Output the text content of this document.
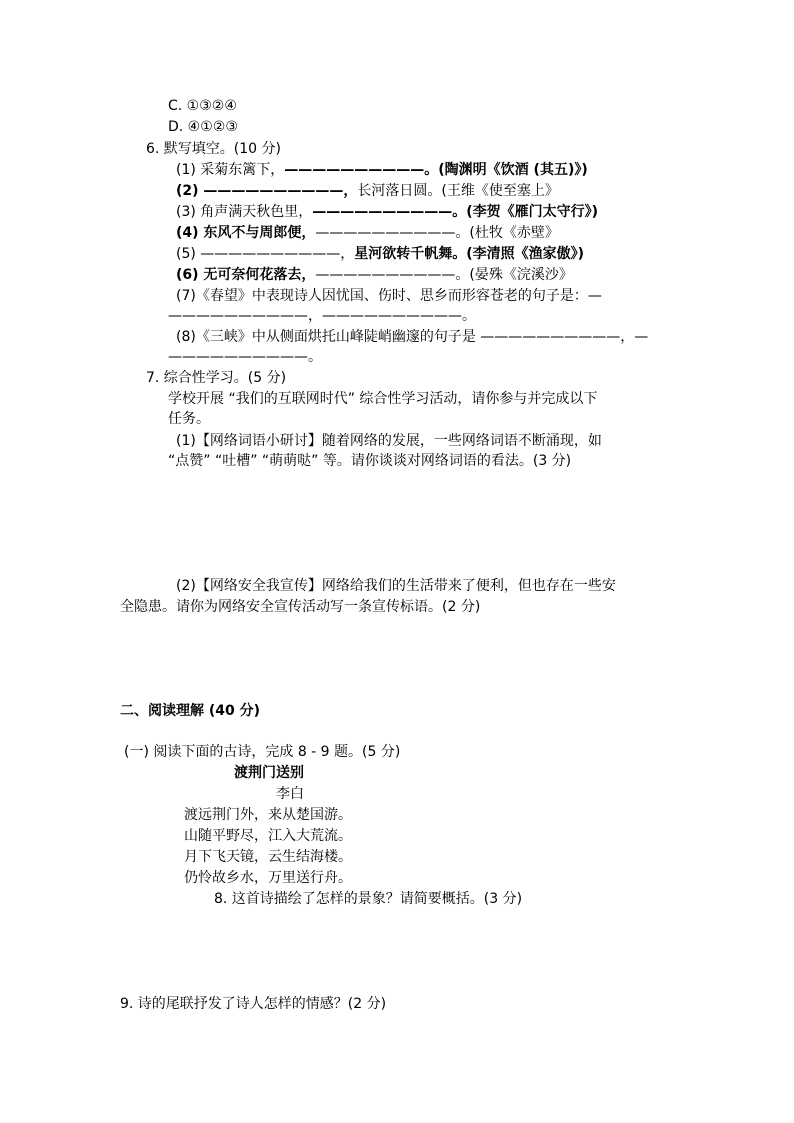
C. ①③②④
D. ④①②③
6. 默写填空。(10 分)
(1) 采菊东篱下，——————————。(陶渊明《饮酒 (其五)》)
(2) ——————————，长河落日圆。(王维《使至塞上》
(3) 角声满天秋色里，——————————。(李贺《雁门太守行》)
(4) 东风不与周郎便，——————————。(杜牧《赤壁》
(5) ——————————，星河欲转千帆舞。(李清照《渔家傲》)
(6) 无可奈何花落去，——————————。(晏殊《浣溪沙》
(7)《春望》中表现诗人因忧国、伤时、思乡而形容苍老的句子是：—
——————————，——————————。
(8)《三峡》中从侧面烘托山峰陡峭幽邃的句子是 ——————————，—
——————————。
7. 综合性学习。(5 分)
学校开展 “我们的互联网时代” 综合性学习活动，请你参与并完成以下
任务。
(1)【网络词语小研讨】随着网络的发展，一些网络词语不断涌现，如
“点赞” “吐槽” “萌萌哒” 等。请你谈谈对网络词语的看法。(3 分)
(2)【网络安全我宣传】网络给我们的生活带来了便利，但也存在一些安
全隐患。请你为网络安全宣传活动写一条宣传标语。(2 分)
二、阅读理解 (40 分)
(一) 阅读下面的古诗，完成 8 - 9 题。(5 分)
渡荆门送别
李白
渡远荆门外，来从楚国游。
山随平野尽，江入大荒流。
月下飞天镜，云生结海楼。
仍怜故乡水，万里送行舟。
8. 这首诗描绘了怎样的景象？请简要概括。(3 分)
9. 诗的尾联抒发了诗人怎样的情感？(2 分)
